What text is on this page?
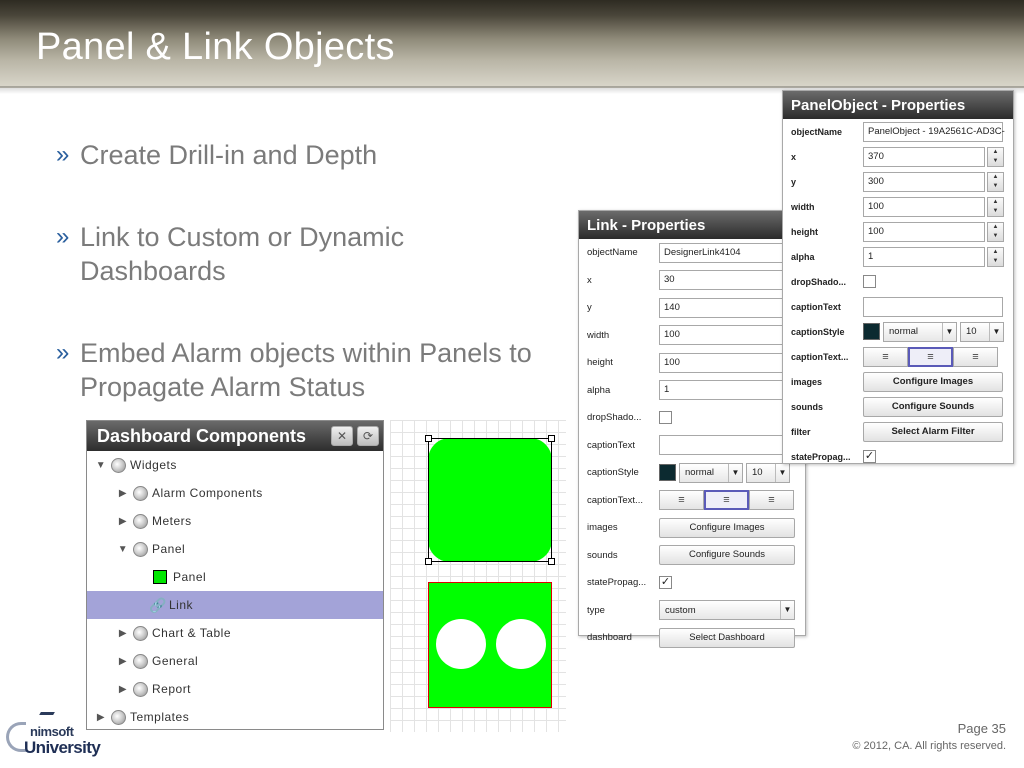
Panel & Link Objects
» Create Drill-in and Depth
» Link to Custom or Dynamic Dashboards
» Embed Alarm objects within Panels to Propagate Alarm Status
Dashboard Components	✕	⟳
▼ Widgets
▶ Alarm Components
▶ Meters
▼ Panel
Panel
🔗 Link
▶ Chart & Table
▶ General
▶ Report
▶ Templates
Link - Properties
objectName	DesignerLink4104
x	30
y	140
width	100
height	100
alpha	1
dropShado...
captionText
captionStyle	normal	▼ 10	▼
captionText...	≡	≡	≡
images	Configure Images
sounds	Configure Sounds
statePropag...	✓
type	custom	▼
dashboard	Select Dashboard
PanelObject - Properties
objectName	PanelObject - 19A2561C-AD3C-
x	370	▲
▼
y	300	▲
▼
width	100	▲
▼
height	100	▲
▼
alpha	1	▲
▼
dropShado...
captionText
captionStyle	normal	▼ 10	▼
captionText...	≡	≡	≡
images	Configure Images
sounds	Configure Sounds
filter	Select Alarm Filter
statePropag...	✓
nimsoft
University
Page 35
© 2012, CA. All rights reserved.
